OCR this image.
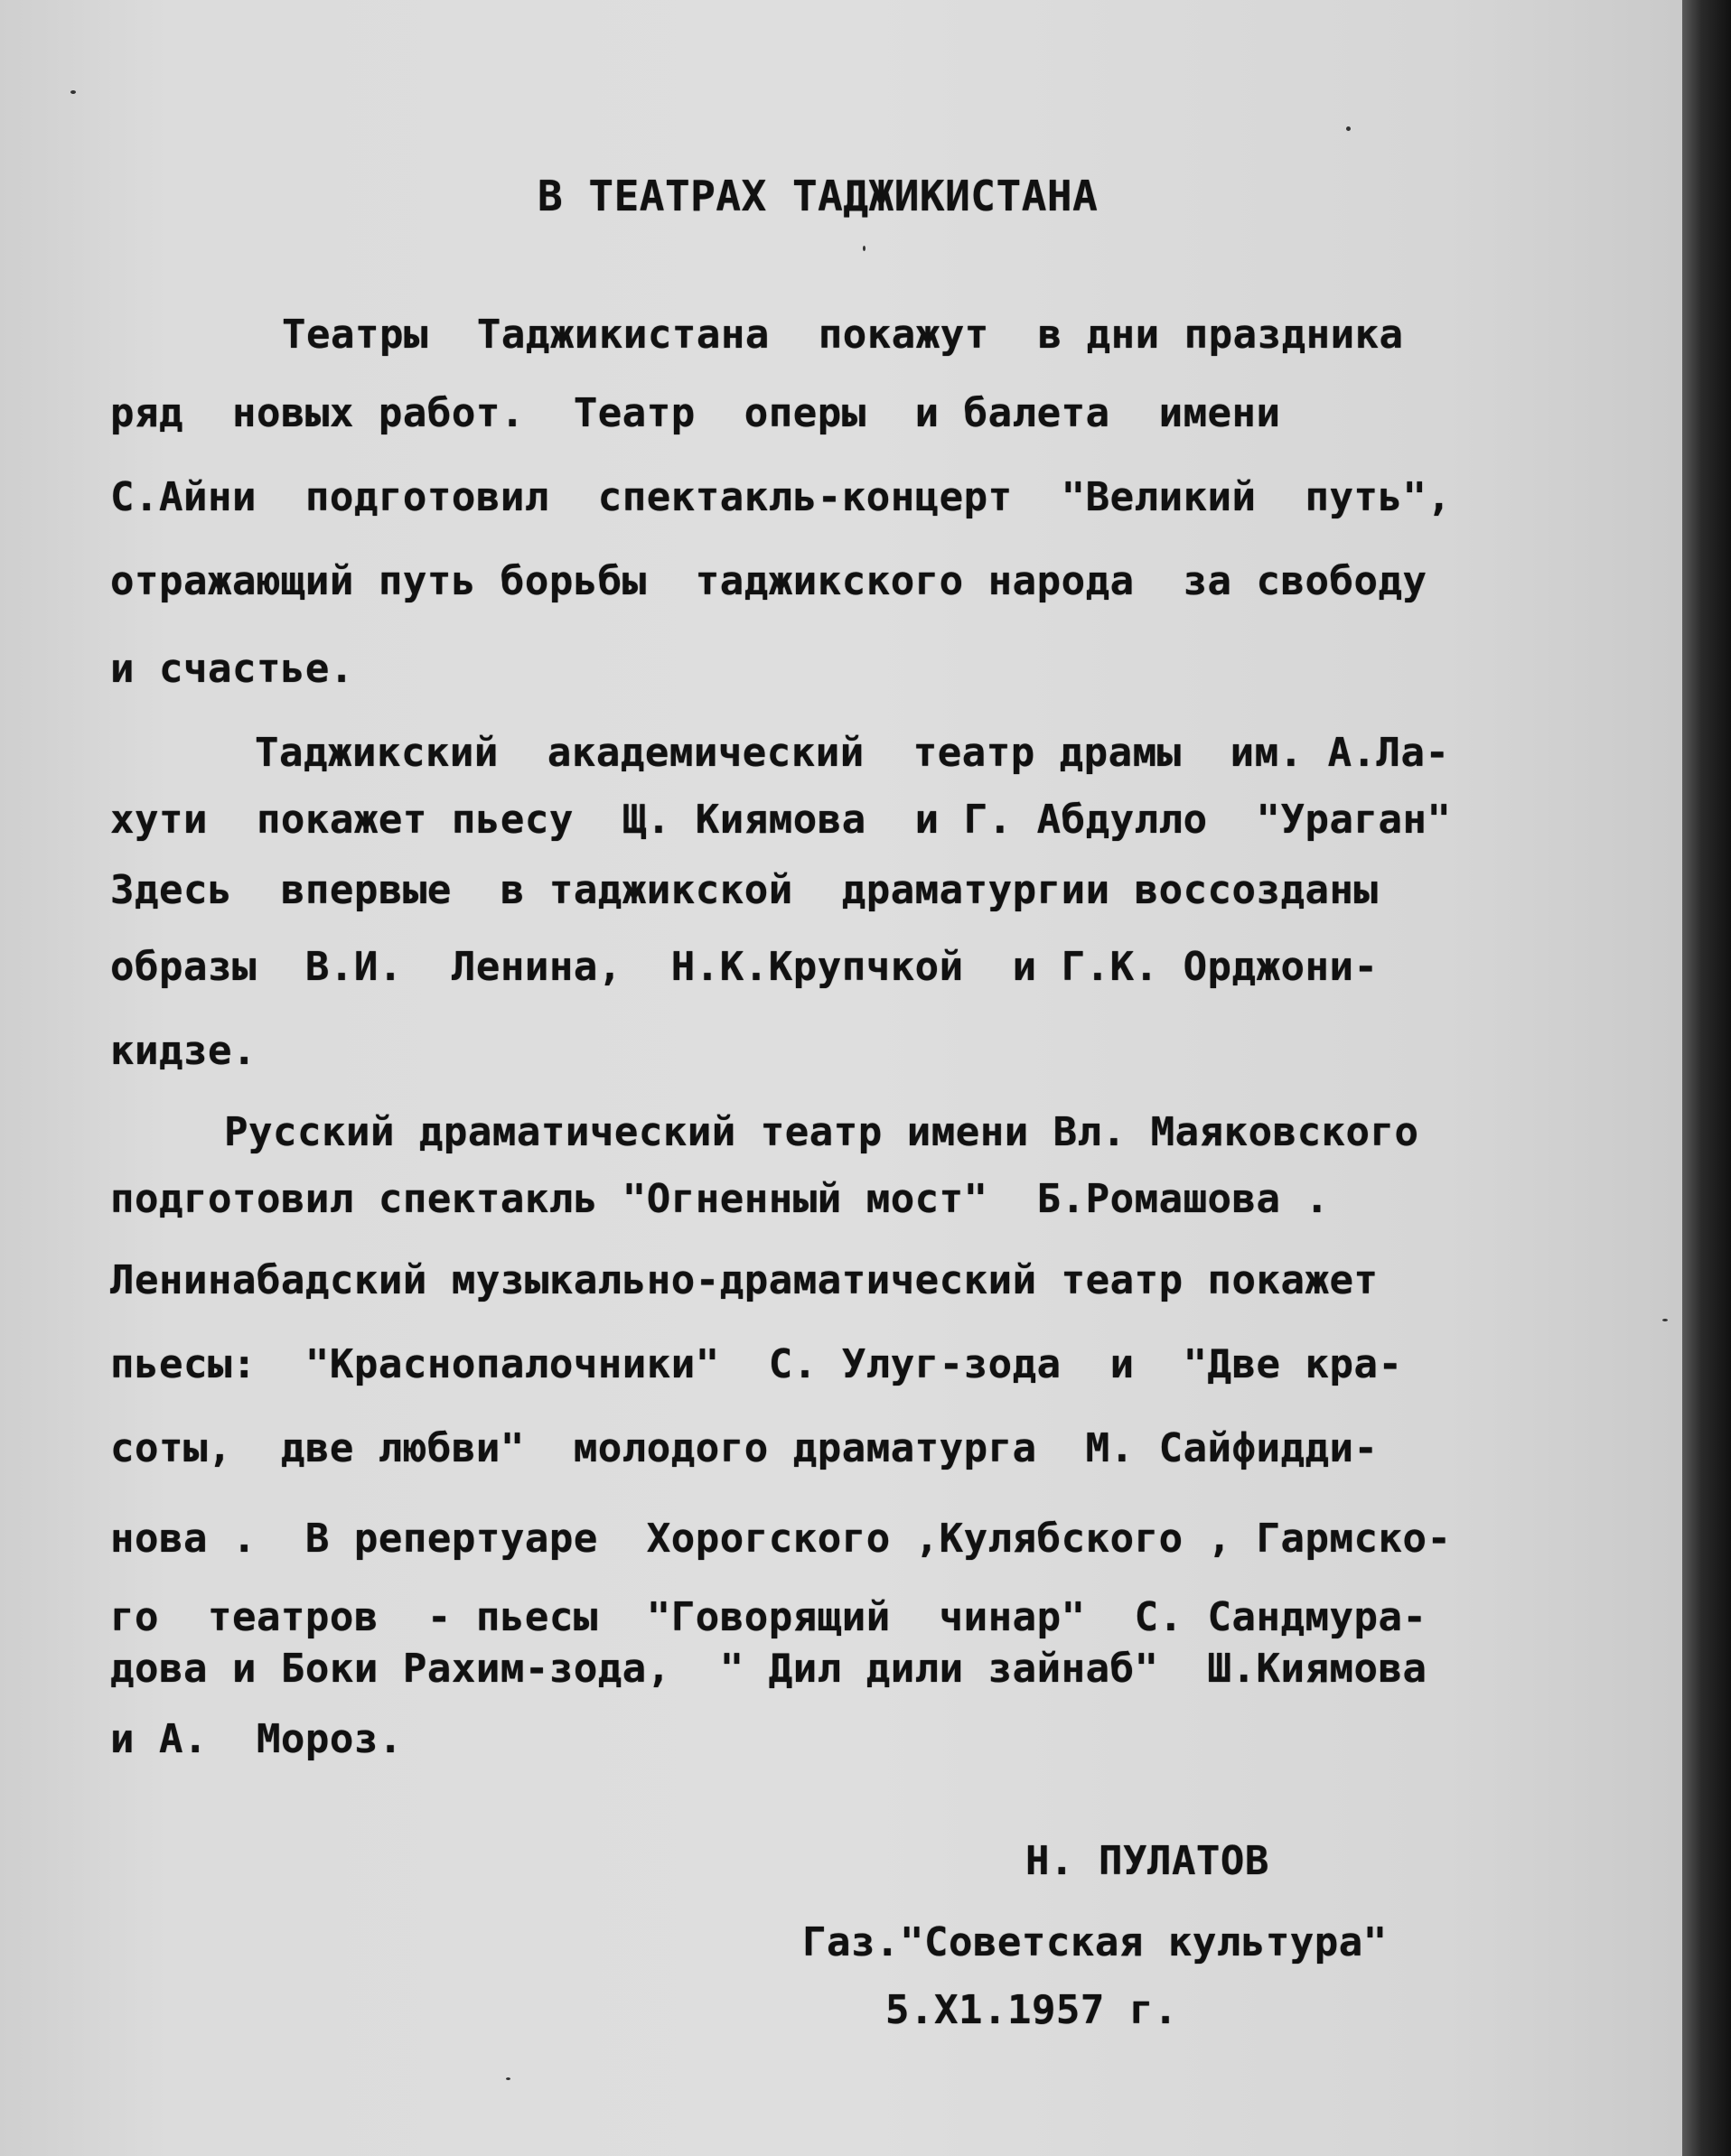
В ТЕАТРАХ ТАДЖИКИСТАНА
Театры  Таджикистана  покажут  в дни праздника
ряд  новых работ.  Театр  оперы  и балета  имени
С.Айни  подготовил  спектакль-концерт  "Великий  путь",
отражающий путь борьбы  таджикского народа  за свободу
и счастье.
Таджикский  академический  театр драмы  им. А.Ла-
хути  покажет пьесу  Щ. Киямова  и Г. Абдулло  "Ураган"
Здесь  впервые  в таджикской  драматургии воссозданы
образы  В.И.  Ленина,  Н.К.Крупчкой  и Г.К. Орджони-
кидзе.
Русский драматический театр имени Вл. Маяковского
подготовил спектакль "Огненный мост"  Б.Ромашова .
Ленинабадский музыкально-драматический театр покажет
пьесы:  "Краснопалочники"  С. Улуг-зода  и  "Две кра-
соты,  две любви"  молодого драматурга  М. Сайфидди-
нова .  В репертуаре  Хорогского ,Кулябского , Гармско-
го  театров  - пьесы  "Говорящий  чинар"  С. Сандмура-
дова и Боки Рахим-зода,  " Дил дили зайнаб"  Ш.Киямова
и А.  Мороз.
Н. ПУЛАТОВ
Газ."Советская культура"
5.Х1.1957 г.
